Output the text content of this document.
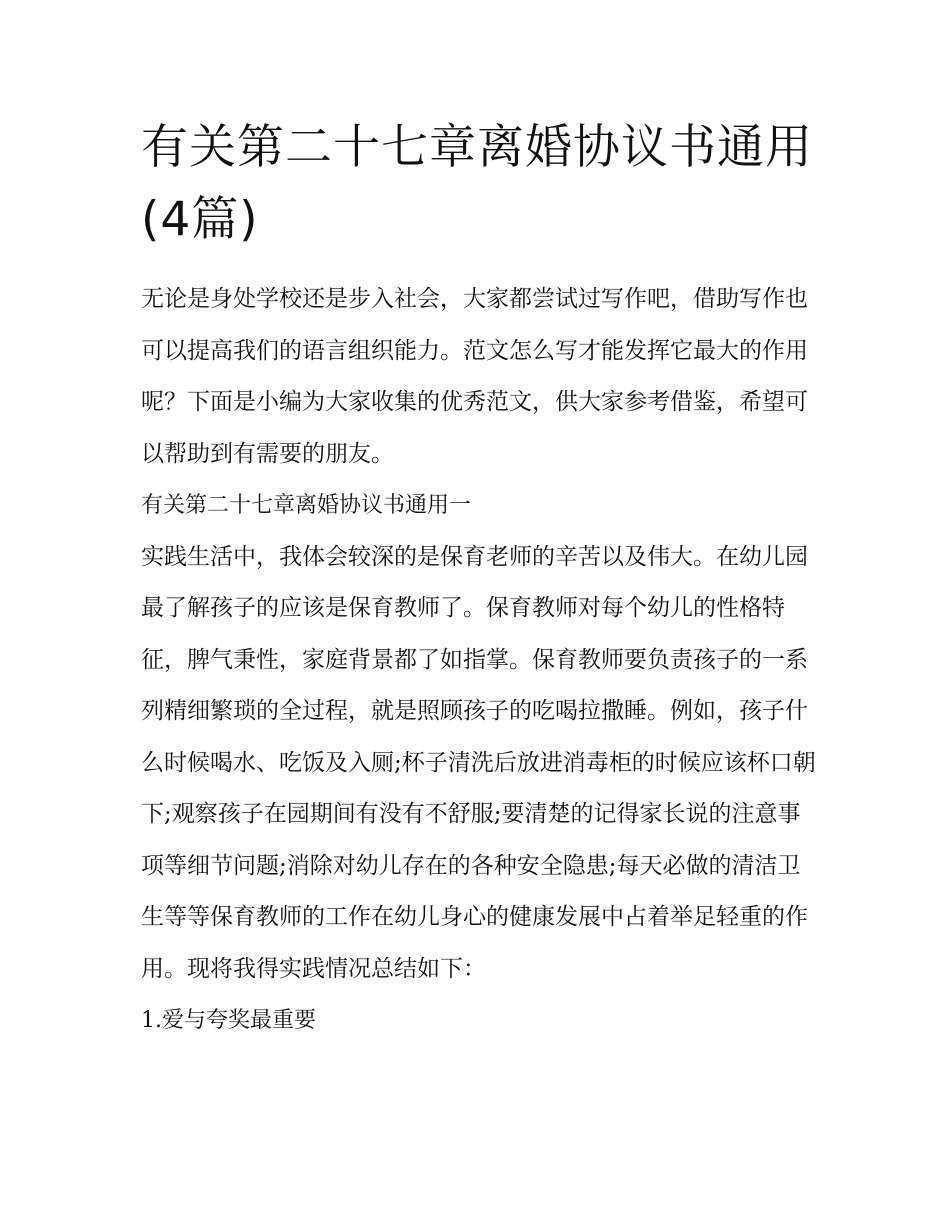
有关第二十七章离婚协议书通用(4篇)

无论是身处学校还是步入社会，大家都尝试过写作吧，借助写作也可以提高我们的语言组织能力。范文怎么写才能发挥它最大的作用呢？下面是小编为大家收集的优秀范文，供大家参考借鉴，希望可以帮助到有需要的朋友。

有关第二十七章离婚协议书通用一

实践生活中，我体会较深的是保育老师的辛苦以及伟大。在幼儿园最了解孩子的应该是保育教师了。保育教师对每个幼儿的性格特征，脾气秉性，家庭背景都了如指掌。保育教师要负责孩子的一系列精细繁琐的全过程，就是照顾孩子的吃喝拉撒睡。例如，孩子什么时候喝水、吃饭及入厕;杯子清洗后放进消毒柜的时候应该杯口朝下;观察孩子在园期间有没有不舒服;要清楚的记得家长说的注意事项等细节问题;消除对幼儿存在的各种安全隐患;每天必做的清洁卫生等等保育教师的工作在幼儿身心的健康发展中占着举足轻重的作用。现将我得实践情况总结如下：

1.爱与夸奖最重要
